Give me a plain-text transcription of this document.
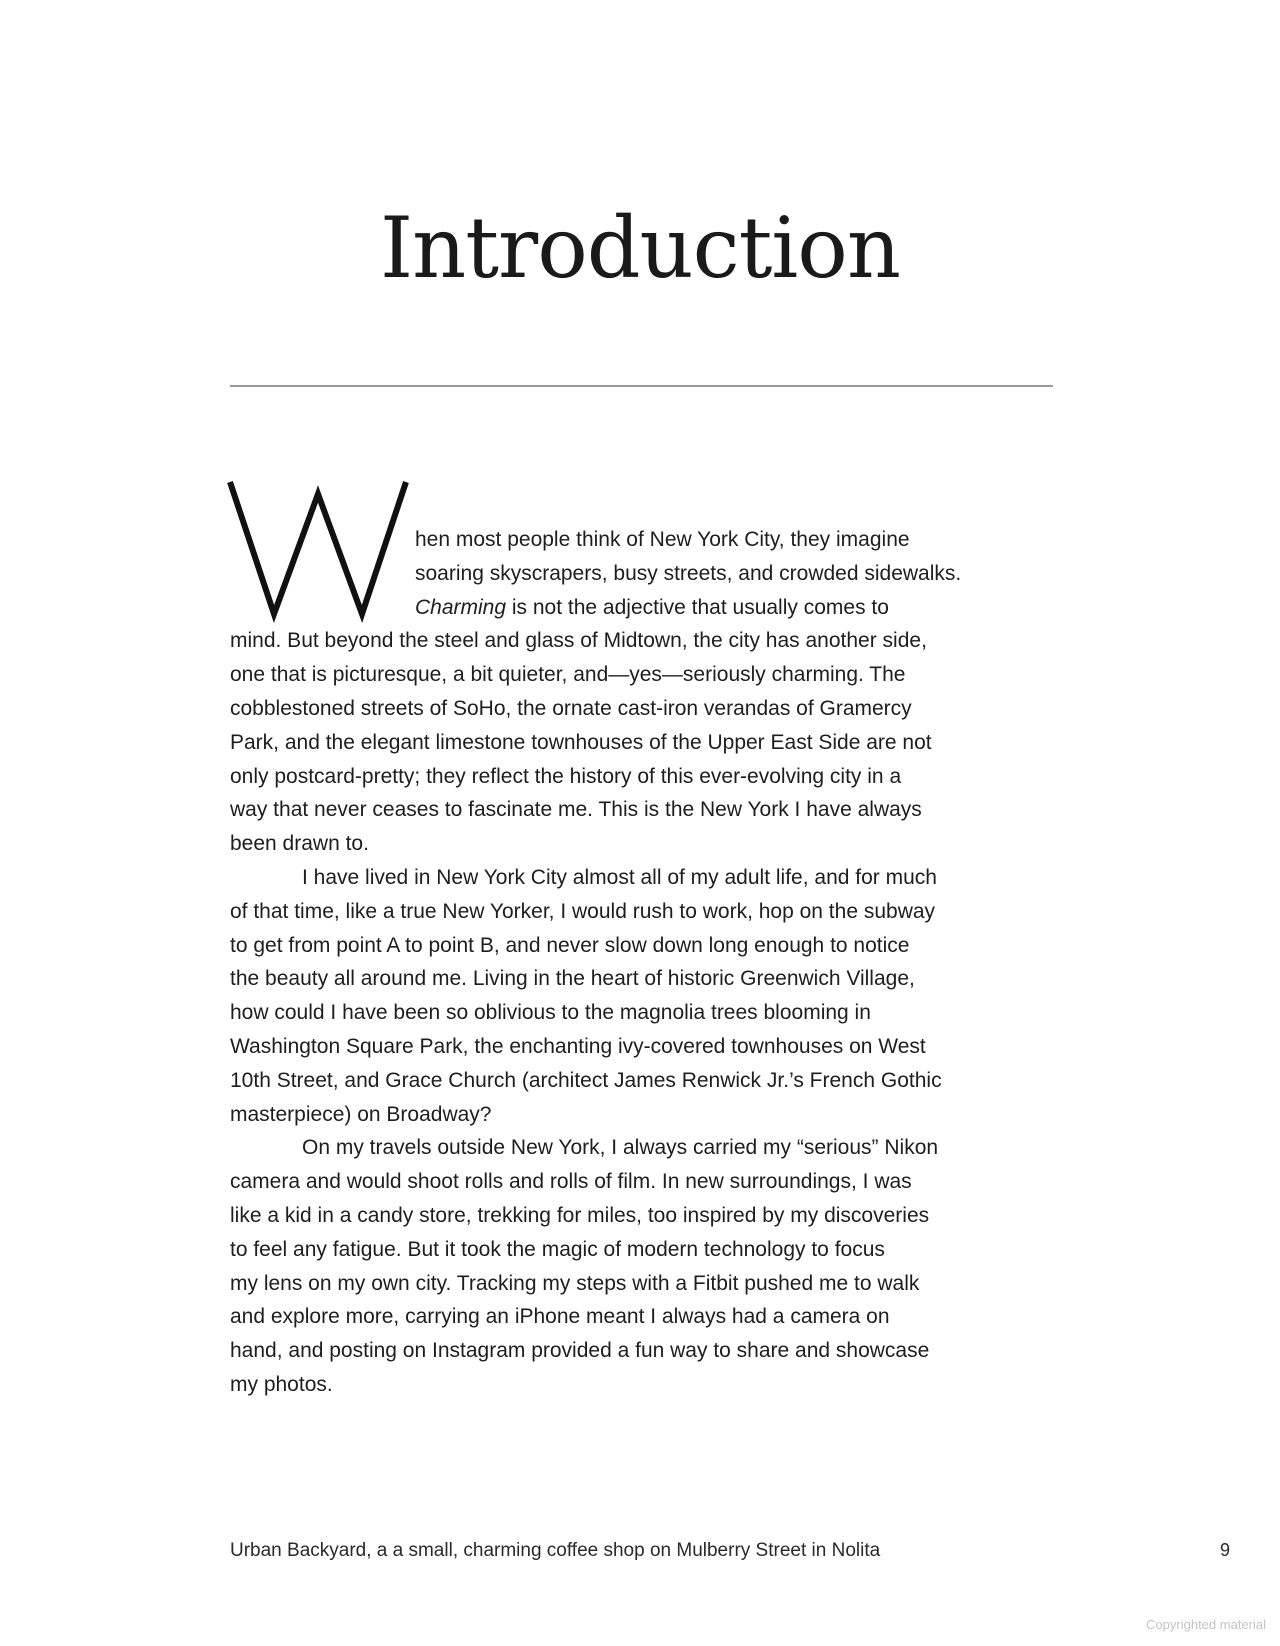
Introduction

hen most people think of New York City, they imagine
soaring skyscrapers, busy streets, and crowded sidewalks.
Charming is not the adjective that usually comes to
mind. But beyond the steel and glass of Midtown, the city has another side,
one that is picturesque, a bit quieter, and—yes—seriously charming. The
cobblestoned streets of SoHo, the ornate cast-iron verandas of Gramercy
Park, and the elegant limestone townhouses of the Upper East Side are not
only postcard-pretty; they reflect the history of this ever-evolving city in a
way that never ceases to fascinate me. This is the New York I have always
been drawn to.

I have lived in New York City almost all of my adult life, and for much
of that time, like a true New Yorker, I would rush to work, hop on the subway
to get from point A to point B, and never slow down long enough to notice
the beauty all around me. Living in the heart of historic Greenwich Village,
how could I have been so oblivious to the magnolia trees blooming in
Washington Square Park, the enchanting ivy-covered townhouses on West
10th Street, and Grace Church (architect James Renwick Jr.’s French Gothic
masterpiece) on Broadway?

On my travels outside New York, I always carried my “serious” Nikon
camera and would shoot rolls and rolls of film. In new surroundings, I was
like a kid in a candy store, trekking for miles, too inspired by my discoveries
to feel any fatigue. But it took the magic of modern technology to focus
my lens on my own city. Tracking my steps with a Fitbit pushed me to walk
and explore more, carrying an iPhone meant I always had a camera on
hand, and posting on Instagram provided a fun way to share and showcase
my photos.

Urban Backyard, a a small, charming coffee shop on Mulberry Street in Nolita	9
Copyrighted material
